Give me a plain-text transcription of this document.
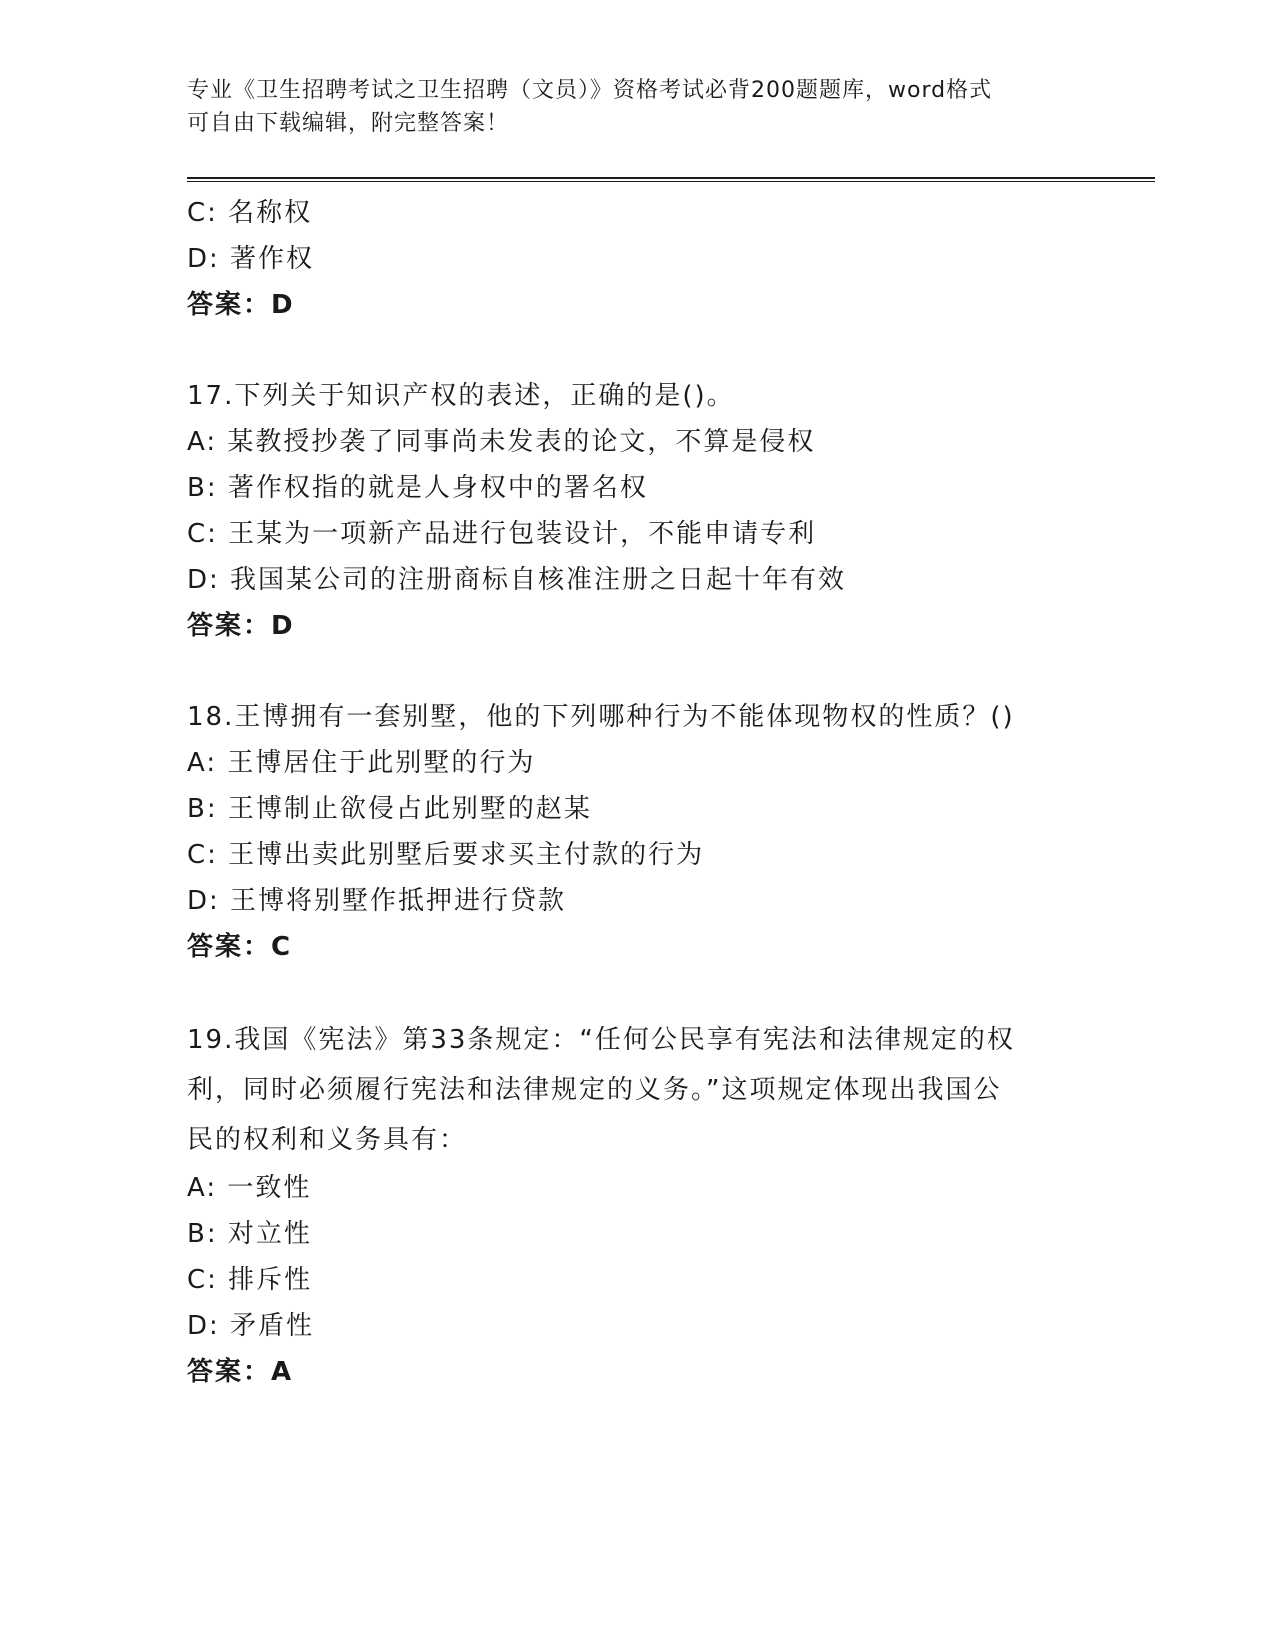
专业《卫生招聘考试之卫生招聘（文员）》资格考试必背200题题库，word格式
可自由下载编辑，附完整答案！
C: 名称权
D: 著作权
答案：D
17.下列关于知识产权的表述，正确的是()。
A: 某教授抄袭了同事尚未发表的论文，不算是侵权
B: 著作权指的就是人身权中的署名权
C: 王某为一项新产品进行包装设计，不能申请专利
D: 我国某公司的注册商标自核准注册之日起十年有效
答案：D
18.王博拥有一套别墅，他的下列哪种行为不能体现物权的性质？()
A: 王博居住于此别墅的行为
B: 王博制止欲侵占此别墅的赵某
C: 王博出卖此别墅后要求买主付款的行为
D: 王博将别墅作抵押进行贷款
答案：C
19.我国《宪法》第33条规定：“任何公民享有宪法和法律规定的权
利，同时必须履行宪法和法律规定的义务。”这项规定体现出我国公
民的权利和义务具有：
A: 一致性
B: 对立性
C: 排斥性
D: 矛盾性
答案：A
